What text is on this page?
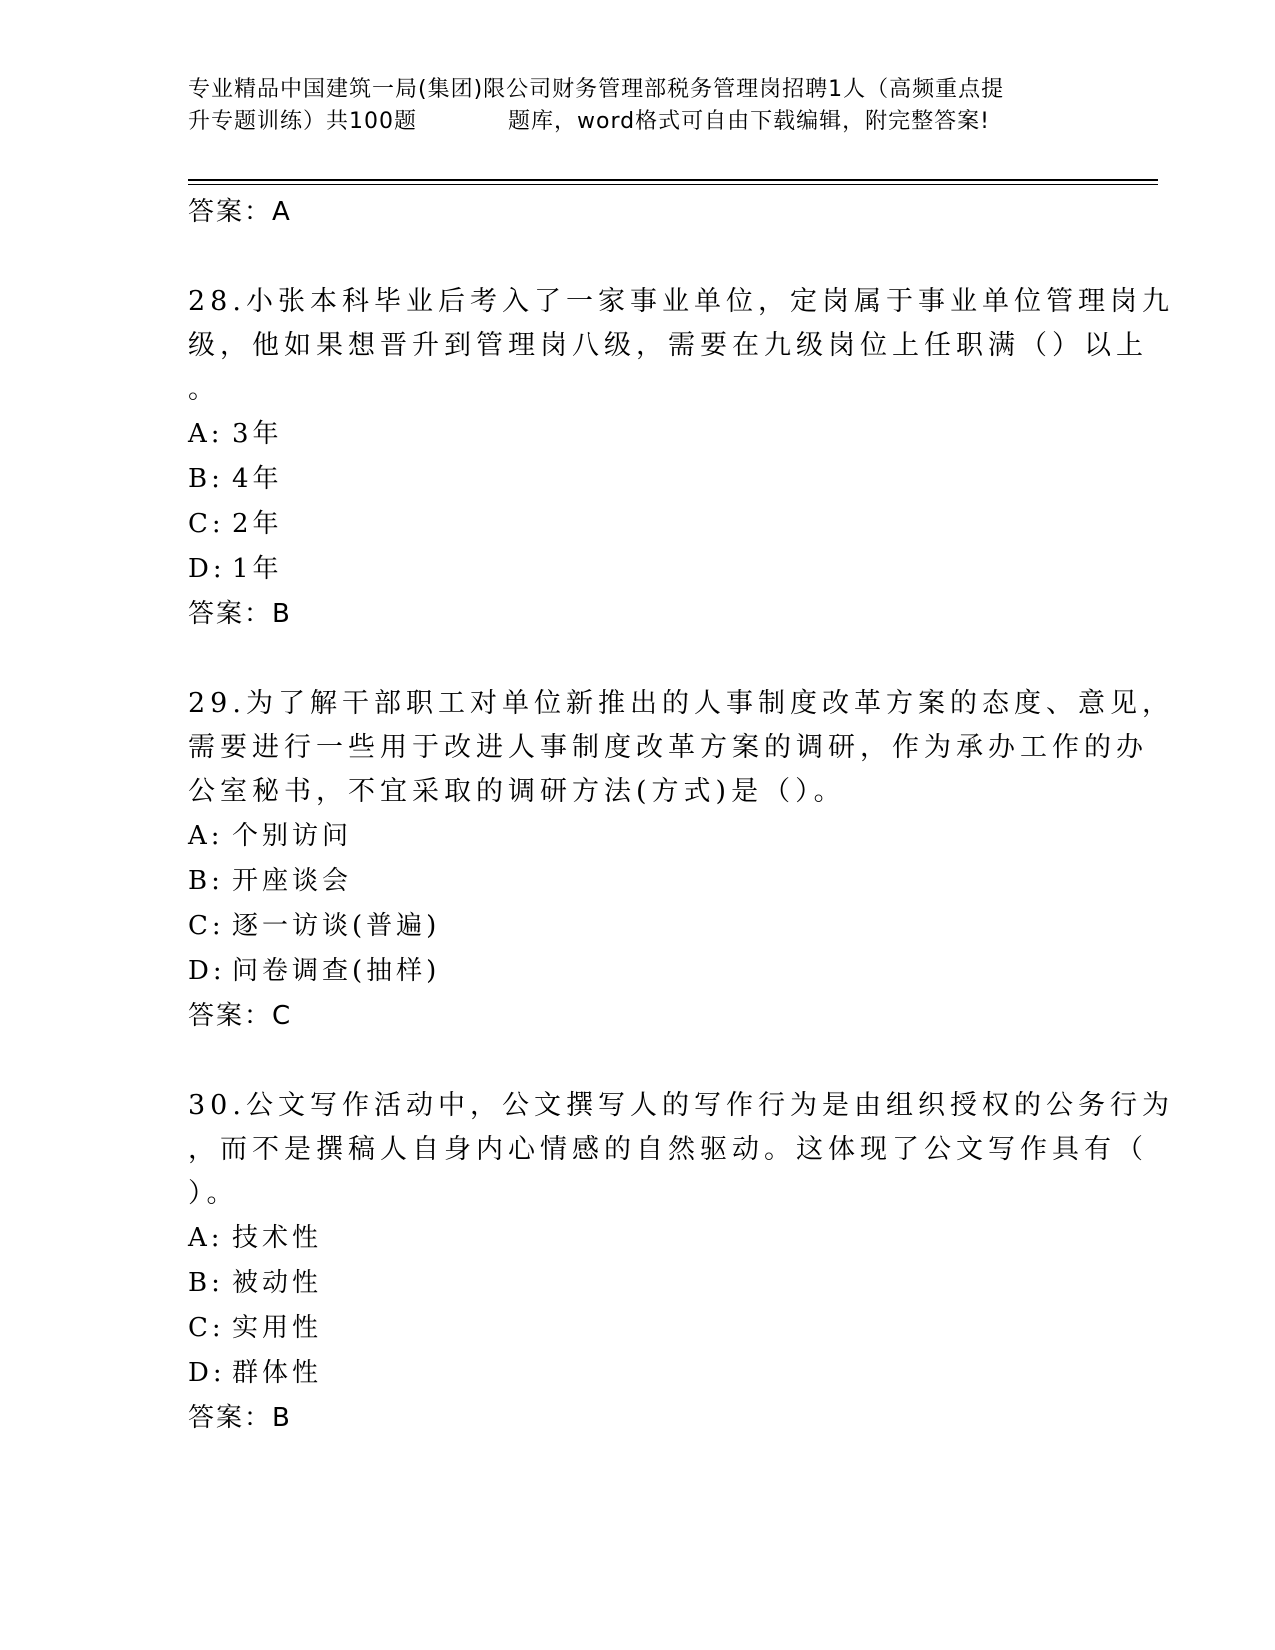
专业精品中国建筑一局(集团)限公司财务管理部税务管理岗招聘1人（高频重点提
升专题训练）共100题	题库，word格式可自由下载编辑，附完整答案!
答案：A
28.小张本科毕业后考入了一家事业单位，定岗属于事业单位管理岗九
级，他如果想晋升到管理岗八级，需要在九级岗位上任职满（）以上
。
A: 3年
B: 4年
C: 2年
D: 1年
答案：B
29.为了解干部职工对单位新推出的人事制度改革方案的态度、意见，
需要进行一些用于改进人事制度改革方案的调研，作为承办工作的办
公室秘书，不宜采取的调研方法(方式)是（）。
A: 个别访问
B: 开座谈会
C: 逐一访谈(普遍)
D: 问卷调查(抽样)
答案：C
30.公文写作活动中，公文撰写人的写作行为是由组织授权的公务行为
，而不是撰稿人自身内心情感的自然驱动。这体现了公文写作具有（
）。
A: 技术性
B: 被动性
C: 实用性
D: 群体性
答案：B
